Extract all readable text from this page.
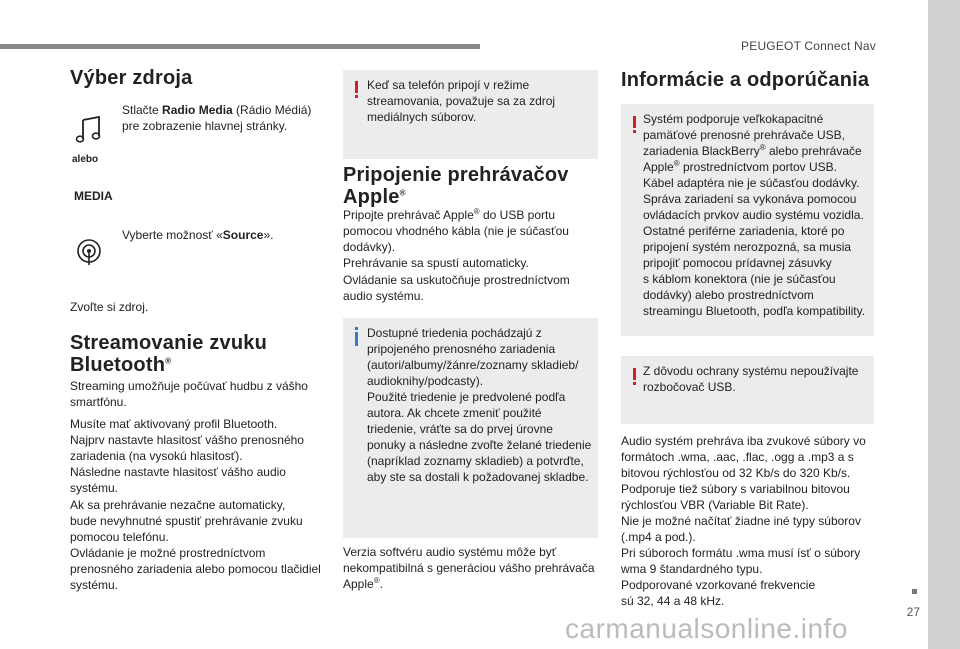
PEUGEOT Connect Nav
27
Výber zdroja
Stlačte Radio Media (Rádio Médiá)
pre zobrazenie hlavnej stránky.
alebo
MEDIA
Vyberte možnosť «Source».
Zvoľte si zdroj.
Streamovanie zvuku
Bluetooth®
Streaming umožňuje počúvať hudbu z vášho
smartfónu.
Musíte mať aktivovaný profil Bluetooth.
Najprv nastavte hlasitosť vášho prenosného
zariadenia (na vysokú hlasitosť).
Následne nastavte hlasitosť vášho audio
systému.
Ak sa prehrávanie nezačne automaticky,
bude nevyhnutné spustiť prehrávanie zvuku
pomocou telefónu.
Ovládanie je možné prostredníctvom
prenosného zariadenia alebo pomocou tlačidiel
systému.
Keď sa telefón pripojí v režime
streamovania, považuje sa za zdroj
mediálnych súborov.
Pripojenie prehrávačov
Apple®
Pripojte prehrávač Apple® do USB portu
pomocou vhodného kábla (nie je súčasťou
dodávky).
Prehrávanie sa spustí automaticky.
Ovládanie sa uskutočňuje prostredníctvom
audio systému.
Dostupné triedenia pochádzajú z
pripojeného prenosného zariadenia
(autori/albumy/žánre/zoznamy skladieb/
audioknihy/podcasty).
Použité triedenie je predvolené podľa
autora. Ak chcete zmeniť použité
triedenie, vráťte sa do prvej úrovne
ponuky a následne zvoľte želané triedenie
(napríklad zoznamy skladieb) a potvrďte,
aby ste sa dostali k požadovanej skladbe.
Verzia softvéru audio systému môže byť
nekompatibilná s generáciou vášho prehrávača
Apple®.
Informácie a odporúčania
Systém podporuje veľkokapacitné
pamäťové prenosné prehrávače USB,
zariadenia BlackBerry® alebo prehrávače
Apple® prostredníctvom portov USB.
Kábel adaptéra nie je súčasťou dodávky.
Správa zariadení sa vykonáva pomocou
ovládacích prvkov audio systému vozidla.
Ostatné periférne zariadenia, ktoré po
pripojení systém nerozpozná, sa musia
pripojiť pomocou prídavnej zásuvky
s káblom konektora (nie je súčasťou
dodávky) alebo prostredníctvom
streamingu Bluetooth, podľa kompatibility.
Z dôvodu ochrany systému nepoužívajte
rozbočovač USB.
Audio systém prehráva iba zvukové súbory vo
formátoch .wma, .aac, .flac, .ogg a .mp3 a s
bitovou rýchlosťou od 32 Kb/s do 320 Kb/s.
Podporuje tiež súbory s variabilnou bitovou
rýchlosťou VBR (Variable Bit Rate).
Nie je možné načítať žiadne iné typy súborov
(.mp4 a pod.).
Pri súboroch formátu .wma musí ísť o súbory
wma 9 štandardného typu.
Podporované vzorkované frekvencie
sú 32, 44 a 48 kHz.
carmanualsonline.info
